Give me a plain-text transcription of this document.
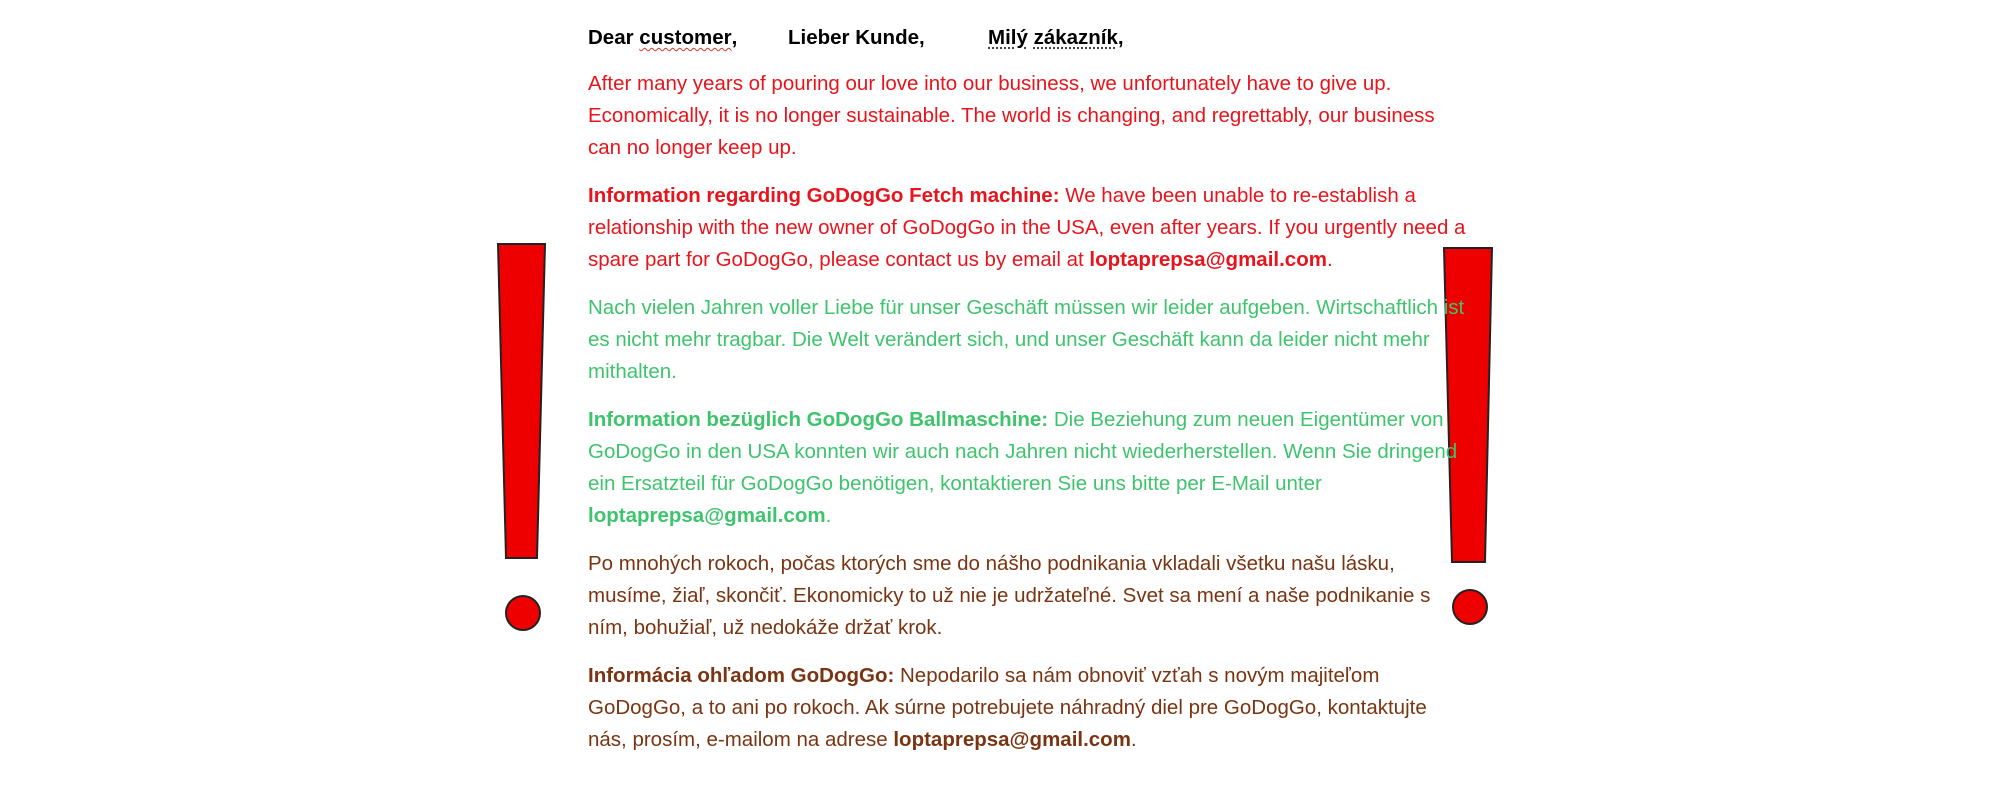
Dear customer, Lieber Kunde,	Milý zákazník,

After many years of pouring our love into our business, we unfortunately have to give up. Economically, it is no longer sustainable. The world is changing, and regrettably, our business can no longer keep up.

Information regarding GoDogGo Fetch machine: We have been unable to re-establish a relationship with the new owner of GoDogGo in the USA, even after years. If you urgently need a spare part for GoDogGo, please contact us by email at loptaprepsa@gmail.com.

Nach vielen Jahren voller Liebe für unser Geschäft müssen wir leider aufgeben. Wirtschaftlich ist es nicht mehr tragbar. Die Welt verändert sich, und unser Geschäft kann da leider nicht mehr mithalten.

Information bezüglich GoDogGo Ballmaschine: Die Beziehung zum neuen Eigentümer von GoDogGo in den USA konnten wir auch nach Jahren nicht wiederherstellen. Wenn Sie dringend ein Ersatzteil für GoDogGo benötigen, kontaktieren Sie uns bitte per E-Mail unter loptaprepsa@gmail.com.

Po mnohých rokoch, počas ktorých sme do nášho podnikania vkladali všetku našu lásku, musíme, žiaľ, skončiť. Ekonomicky to už nie je udržateľné. Svet sa mení a naše podnikanie s ním, bohužiaľ, už nedokáže držať krok.

Informácia ohľadom GoDogGo: Nepodarilo sa nám obnoviť vzťah s novým majiteľom GoDogGo, a to ani po rokoch. Ak súrne potrebujete náhradný diel pre GoDogGo, kontaktujte nás, prosím, e-mailom na adrese loptaprepsa@gmail.com.
